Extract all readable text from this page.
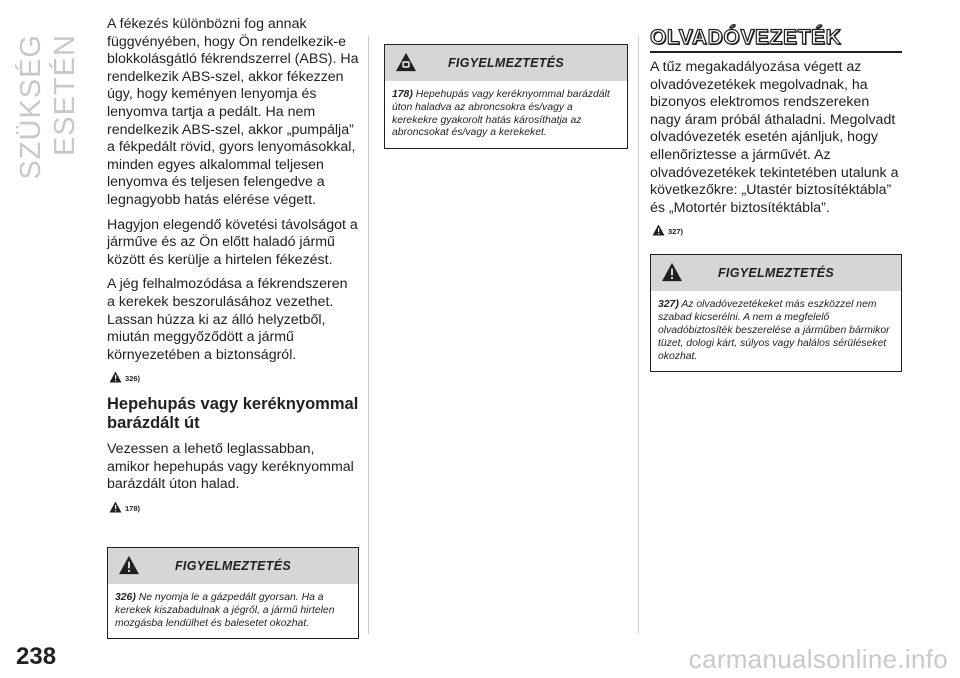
SZÜKSÉG ESETÉN
238	carmanualsonline.info

A fékezés különbözni fog annak függvényében, hogy Ön rendelkezik-e blokkolásgátló fékrendszerrel (ABS). Ha rendelkezik ABS-szel, akkor fékezzen úgy, hogy keményen lenyomja és lenyomva tartja a pedált. Ha nem rendelkezik ABS-szel, akkor „pumpálja” a fékpedált rövid, gyors lenyomásokkal, minden egyes alkalommal teljesen lenyomva és teljesen felengedve a legnagyobb hatás elérése végett.

Hagyjon elegendő követési távolságot a járműve és az Ön előtt haladó jármű között és kerülje a hirtelen fékezést.

A jég felhalmozódása a fékrendszeren a kerekek beszorulásához vezethet. Lassan húzza ki az álló helyzetből, miután meggyőződött a jármű környezetében a biztonságról.

326)
Hepehupás vagy keréknyommal barázdált út

Vezessen a lehető leglassabban, amikor hepehupás vagy keréknyommal barázdált úton halad.

178)
FIGYELMEZTETÉS
326) Ne nyomja le a gázpedált gyorsan. Ha a kerekek kiszabadulnak a jégről, a jármű hirtelen mozgásba lendülhet és balesetet okozhat.
FIGYELMEZTETÉS
178) Hepehupás vagy keréknyommal barázdált úton haladva az abroncsokra és/vagy a kerekekre gyakorolt hatás károsíthatja az abroncsokat és/vagy a kerekeket.
OLVADÓVEZETÉK

A tűz megakadályozása végett az olvadóvezetékek megolvadnak, ha bizonyos elektromos rendszereken nagy áram próbál áthaladni. Megolvadt olvadóvezeték esetén ajánljuk, hogy ellenőriztesse a járművét. Az olvadóvezetékek tekintetében utalunk a következőkre: „Utastér biztosítéktábla” és „Motortér biztosítéktábla”.

327)
FIGYELMEZTETÉS
327) Az olvadóvezetékeket más eszközzel nem szabad kicserélni. A nem a megfelelő olvadóbiztosíték beszerelése a járműben bármikor tüzet, dologi kárt, súlyos vagy halálos sérüléseket okozhat.
